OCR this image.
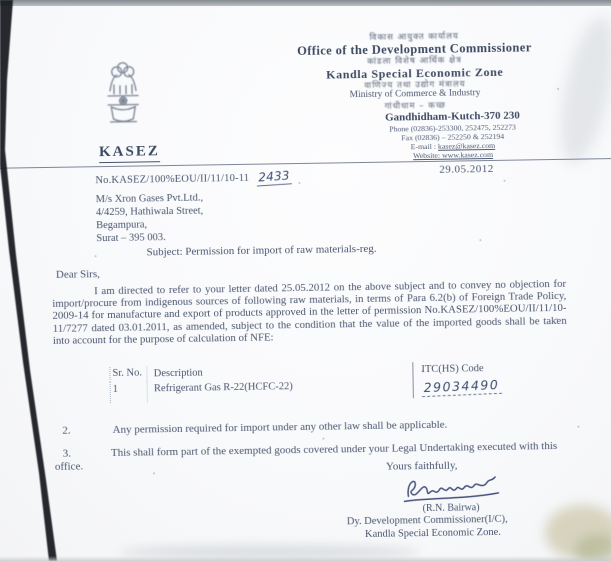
विकास आयुक्त कार्यालय
Office of the Development Commissioner
कांडला विशेष आर्थिक क्षेत्र
Kandla Special Economic Zone
वाणिज्य तथा उद्योग मंत्रालय
Ministry of Commerce & Industry
गांधीधाम – कच्छ
Gandhidham-Kutch-370 230
Phone (02836)-253300, 252475, 252273
Fax (02836) – 252250 & 252194
E-mail : kasez@kasez.com
Website: www.kasez.com
KASEZ
No.KASEZ/100%EOU/II/11/10-11 2433	29.05.2012
M/s Xron Gases Pvt.Ltd.,
4/4259, Hathiwala Street,
Begampura,
Surat – 395 003.
Subject: Permission for import of raw materials-reg.
Dear Sirs,
I am directed to refer to your letter dated 25.05.2012 on the above subject and to convey no objection for import/procure from indigenous sources of following raw materials, in terms of Para 6.2(b) of Foreign Trade Policy, 2009-14 for manufacture and export of products approved in the letter of permission No.KASEZ/100%EOU/II/11/10-11/7277 dated 03.01.2011, as amended, subject to the condition that the value of the imported goods shall be taken into account for the purpose of calculation of NFE:
Sr. No.	Description	ITC(HS) Code
1	Refrigerant Gas R-22(HCFC-22)	29034490
2.	Any permission required for import under any other law shall be applicable.
3.	This shall form part of the exempted goods covered under your Legal Undertaking executed with this office.	Yours faithfully,
(R.N. Bairwa)
Dy. Development Commissioner(I/C),
Kandla Special Economic Zone.
